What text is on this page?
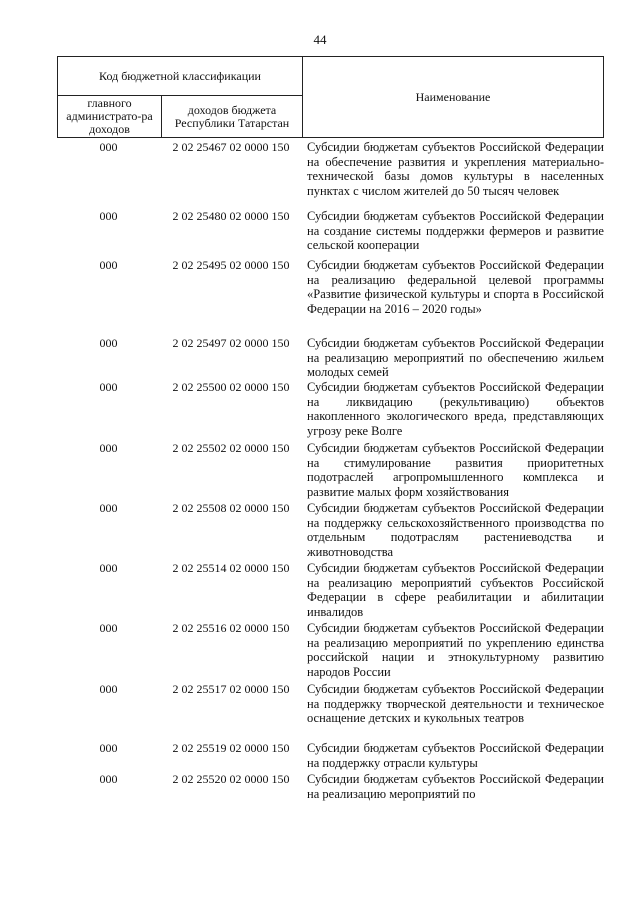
44
Код бюджетной классификации
главного администрато-ра доходов
доходов бюджета Республики Татарстан
Наименование
000	2 02 25467 02 0000 150	Субсидии бюджетам субъектов Российской Федерации на обеспечение развития и укрепления материально-технической базы домов культуры в населенных пунктах с числом жителей до 50 тысяч человек
000	2 02 25480 02 0000 150	Субсидии бюджетам субъектов Российской Федерации на создание системы поддержки фермеров и развитие сельской кооперации
000	2 02 25495 02 0000 150	Субсидии бюджетам субъектов Российской Федерации на реализацию федеральной целевой программы «Развитие физической культуры и спорта в Российской Федерации на 2016 – 2020 годы»
000	2 02 25497 02 0000 150	Субсидии бюджетам субъектов Российской Федерации на реализацию мероприятий по обеспечению жильем молодых семей
000	2 02 25500 02 0000 150	Субсидии бюджетам субъектов Российской Федерации на ликвидацию (рекультивацию) объектов накопленного экологического вреда, представляющих угрозу реке Волге
000	2 02 25502 02 0000 150	Субсидии бюджетам субъектов Российской Федерации на стимулирование развития приоритетных подотраслей агропромышленного комплекса и развитие малых форм хозяйствования
000	2 02 25508 02 0000 150	Субсидии бюджетам субъектов Российской Федерации на поддержку сельскохозяйственного производства по отдельным подотраслям растениеводства и животноводства
000	2 02 25514 02 0000 150	Субсидии бюджетам субъектов Российской Федерации на реализацию мероприятий субъектов Российской Федерации в сфере реабилитации и абилитации инвалидов
000	2 02 25516 02 0000 150	Субсидии бюджетам субъектов Российской Федерации на реализацию мероприятий по укреплению единства российской нации и этнокультурному развитию народов России
000	2 02 25517 02 0000 150	Субсидии бюджетам субъектов Российской Федерации на поддержку творческой деятельности и техническое оснащение детских и кукольных театров
000	2 02 25519 02 0000 150	Субсидии бюджетам субъектов Российской Федерации на поддержку отрасли культуры
000	2 02 25520 02 0000 150	Субсидии бюджетам субъектов Российской Федерации на реализацию мероприятий по
